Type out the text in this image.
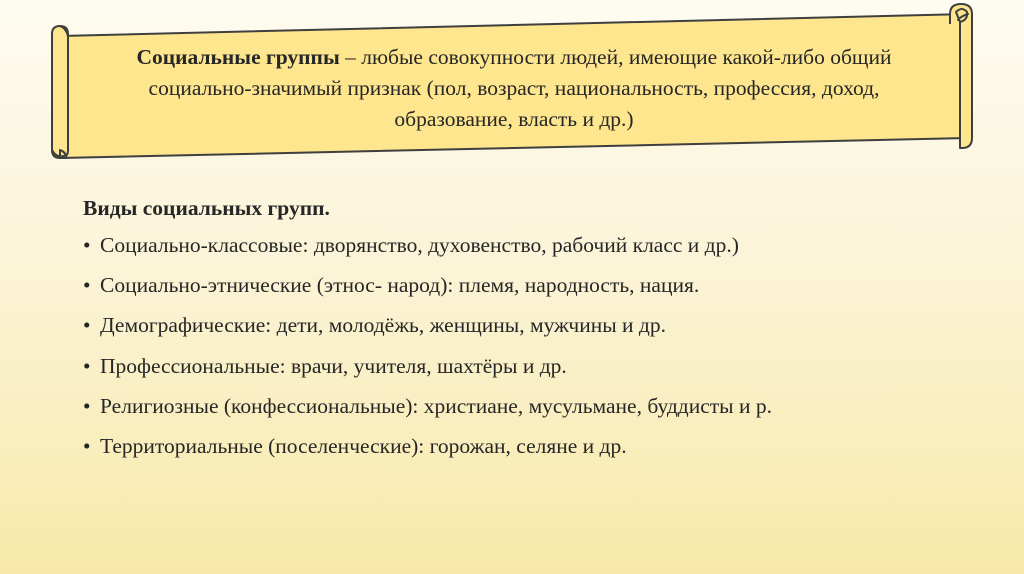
Социальные группы – любые совокупности людей, имеющие какой-либо общий социально-значимый признак (пол, возраст, национальность, профессия, доход, образование, власть и др.)

Виды социальных групп.

• Социально-классовые: дворянство, духовенство, рабочий класс и др.)
• Социально-этнические (этнос- народ): племя, народность, нация.
• Демографические: дети, молодёжь, женщины, мужчины и др.
• Профессиональные: врачи, учителя, шахтёры и др.
• Религиозные (конфессиональные): христиане, мусульмане, буддисты и р.
• Территориальные (поселенческие): горожан, селяне и др.
